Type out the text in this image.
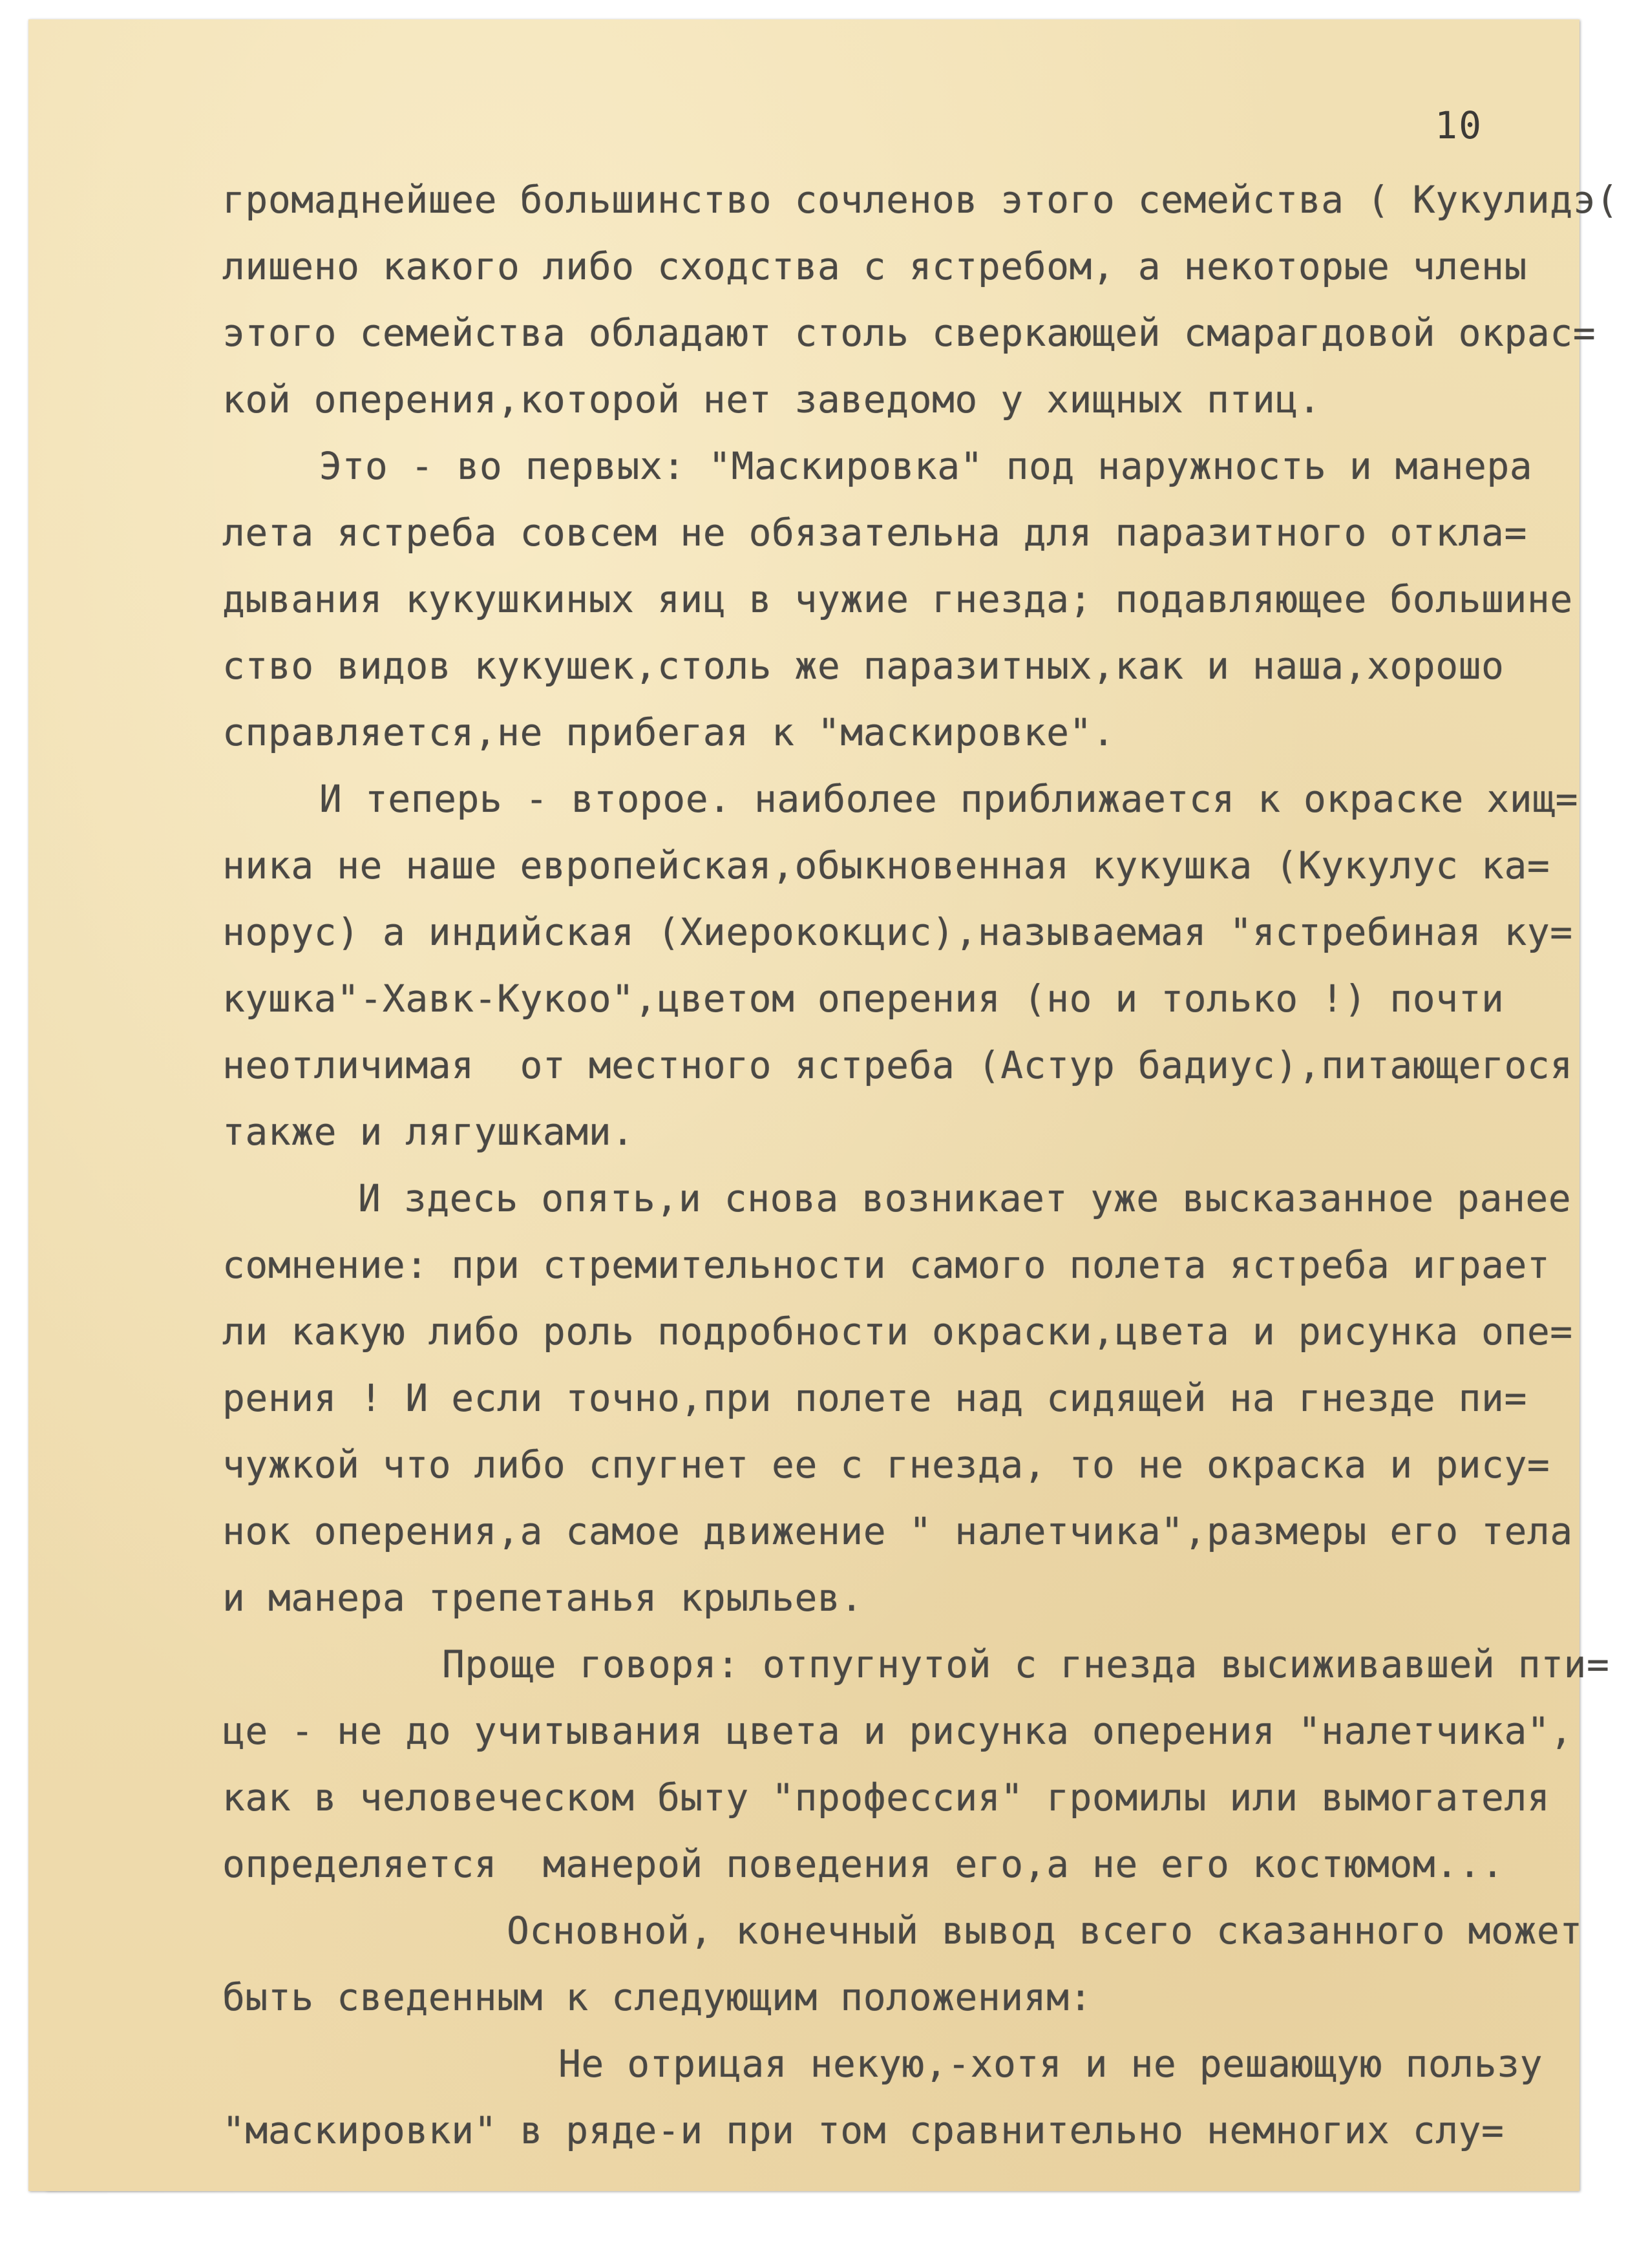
10
громаднейшее большинство сочленов этого семейства ( Кукулидэ(
лишено какого либо сходства с ястребом, а некоторые члены
этого семейства обладают столь сверкающей смарагдовой окрас=
кой оперения,которой нет заведомо у хищных птиц.
Это - во первых: "Маскировка" под наружность и манера
лета ястреба совсем не обязательна для паразитного откла=
дывания кукушкиных яиц в чужие гнезда; подавляющее большине
ство видов кукушек,столь же паразитных,как и наша,хорошо
справляется,не прибегая к "маскировке".
И теперь - второе. наиболее приближается к окраске хищ=
ника не наше европейская,обыкновенная кукушка (Кукулус ка=
норус) а индийская (Хиерококцис),называемая "ястребиная ку=
кушка"-Хавк-Кукоо",цветом оперения (но и только !) почти
неотличимая  от местного ястреба (Астур бадиус),питающегося
также и лягушками.
И здесь опять,и снова возникает уже высказанное ранее
сомнение: при стремительности самого полета ястреба играет
ли какую либо роль подробности окраски,цвета и рисунка опе=
рения ! И если точно,при полете над сидящей на гнезде пи=
чужкой что либо спугнет ее с гнезда, то не окраска и рису=
нок оперения,а самое движение " налетчика",размеры его тела
и манера трепетанья крыльев.
Проще говоря: отпугнутой с гнезда высиживавшей пти=
це - не до учитывания цвета и рисунка оперения "налетчика",
как в человеческом быту "профессия" громилы или вымогателя
определяется  манерой поведения его,а не его костюмом...
Основной, конечный вывод всего сказанного может
быть сведенным к следующим положениям:
Не отрицая некую,-хотя и не решающую пользу
"маскировки" в ряде-и при том сравнительно немногих слу=
